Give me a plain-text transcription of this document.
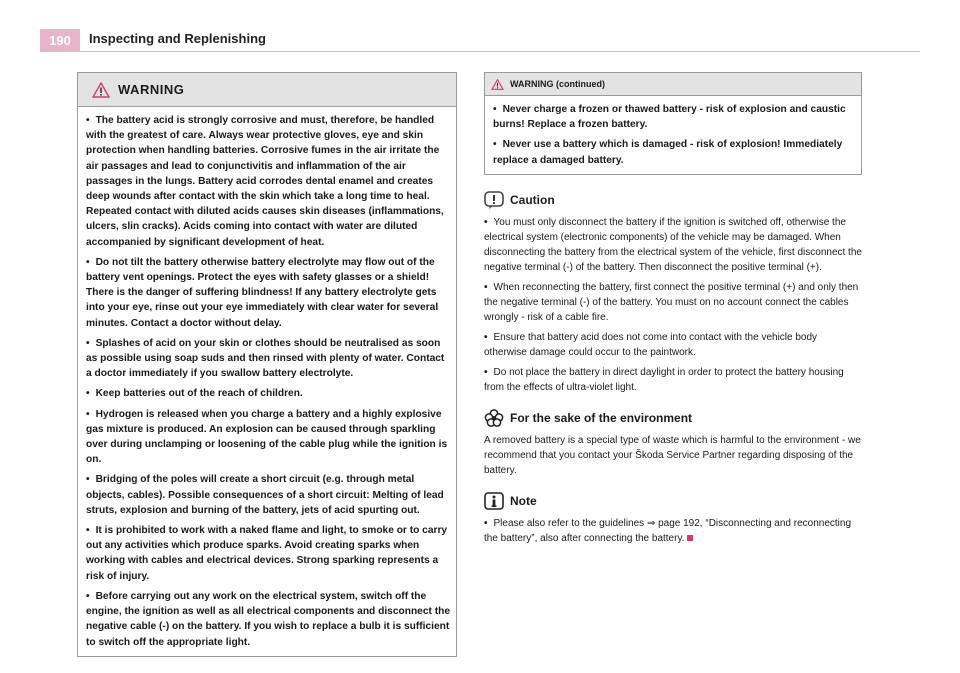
190	Inspecting and Replenishing
WARNING

• The battery acid is strongly corrosive and must, therefore, be handled with the greatest of care. Always wear protective gloves, eye and skin protection when handling batteries. Corrosive fumes in the air irritate the air passages and lead to conjunctivitis and inflammation of the air passages in the lungs. Battery acid corrodes dental enamel and creates deep wounds after contact with the skin which take a long time to heal. Repeated contact with diluted acids causes skin diseases (inflammations, ulcers, slin cracks). Acids coming into contact with water are diluted accompanied by significant development of heat.

• Do not tilt the battery otherwise battery electrolyte may flow out of the battery vent openings. Protect the eyes with safety glasses or a shield! There is the danger of suffering blindness! If any battery electrolyte gets into your eye, rinse out your eye immediately with clear water for several minutes. Contact a doctor without delay.

• Splashes of acid on your skin or clothes should be neutralised as soon as possible using soap suds and then rinsed with plenty of water. Contact a doctor immediately if you swallow battery electrolyte.

• Keep batteries out of the reach of children.

• Hydrogen is released when you charge a battery and a highly explosive gas mixture is produced. An explosion can be caused through sparkling over during unclamping or loosening of the cable plug while the ignition is on.

• Bridging of the poles will create a short circuit (e.g. through metal objects, cables). Possible consequences of a short circuit: Melting of lead struts, explosion and burning of the battery, jets of acid spurting out.

• It is prohibited to work with a naked flame and light, to smoke or to carry out any activities which produce sparks. Avoid creating sparks when working with cables and electrical devices. Strong sparking represents a risk of injury.

• Before carrying out any work on the electrical system, switch off the engine, the ignition as well as all electrical components and disconnect the negative cable (-) on the battery. If you wish to replace a bulb it is sufficient to switch off the appropriate light.

WARNING (continued)

• Never charge a frozen or thawed battery - risk of explosion and caustic burns! Replace a frozen battery.

• Never use a battery which is damaged - risk of explosion! Immediately replace a damaged battery.

Caution

• You must only disconnect the battery if the ignition is switched off, otherwise the electrical system (electronic components) of the vehicle may be damaged. When disconnecting the battery from the electrical system of the vehicle, first disconnect the negative terminal (-) of the battery. Then disconnect the positive terminal (+).

• When reconnecting the battery, first connect the positive terminal (+) and only then the negative terminal (-) of the battery. You must on no account connect the cables wrongly - risk of a cable fire.

• Ensure that battery acid does not come into contact with the vehicle body otherwise damage could occur to the paintwork.

• Do not place the battery in direct daylight in order to protect the battery housing from the effects of ultra-violet light.

For the sake of the environment

A removed battery is a special type of waste which is harmful to the environment - we recommend that you contact your Škoda Service Partner regarding disposing of the battery.

Note

• Please also refer to the guidelines ⇒ page 192, “Disconnecting and reconnecting the battery”, also after connecting the battery.
